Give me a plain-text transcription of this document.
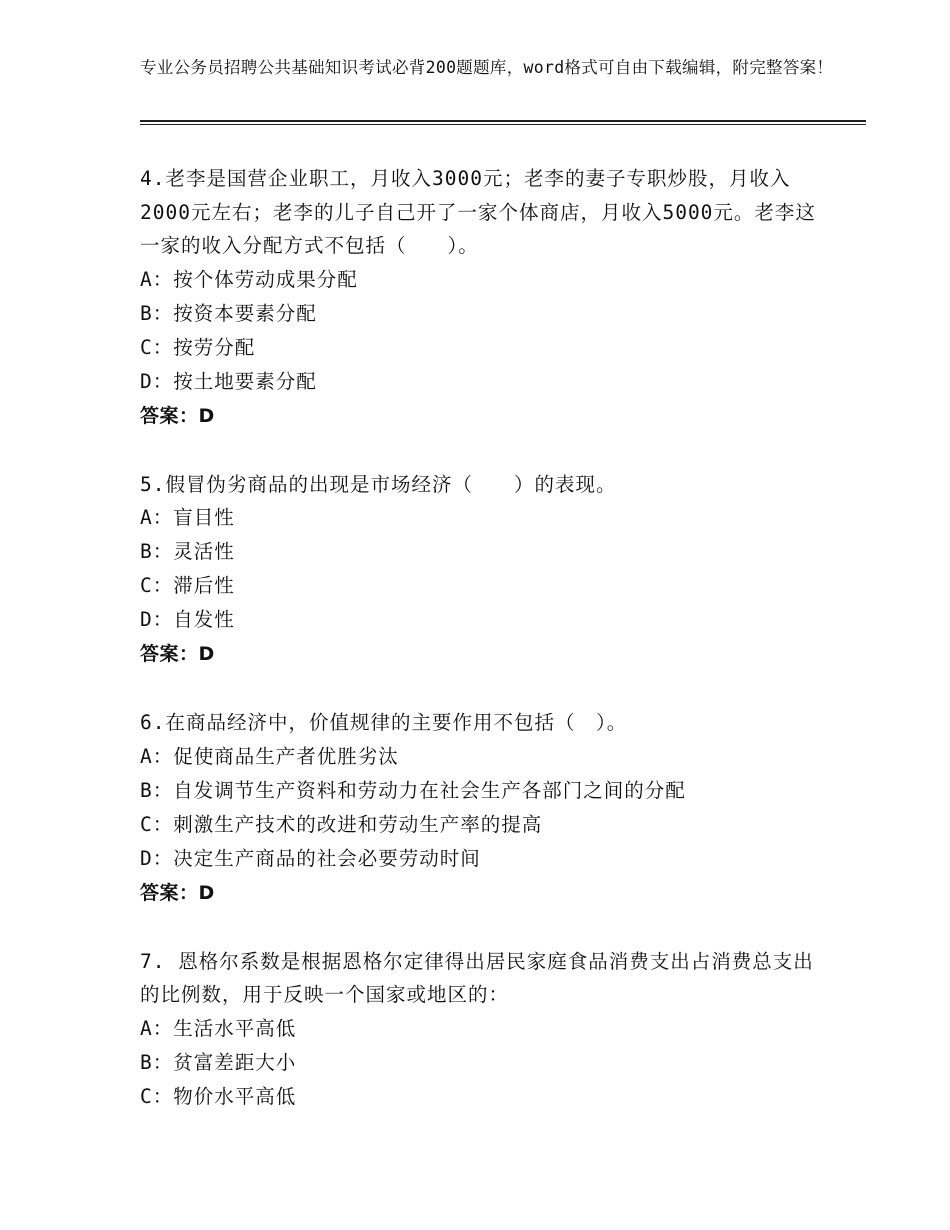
专业公务员招聘公共基础知识考试必背200题题库，word格式可自由下载编辑，附完整答案！

4.老李是国营企业职工，月收入3000元；老李的妻子专职炒股，月收入2000元左右；老李的儿子自己开了一家个体商店，月收入5000元。老李这一家的收入分配方式不包括（　　）。

A：按个体劳动成果分配

B：按资本要素分配

C：按劳分配

D：按土地要素分配

答案：D

5.假冒伪劣商品的出现是市场经济（　　）的表现。

A：盲目性

B：灵活性

C：滞后性

D：自发性

答案：D

6.在商品经济中，价值规律的主要作用不包括（　）。

A：促使商品生产者优胜劣汰

B：自发调节生产资料和劳动力在社会生产各部门之间的分配

C：刺激生产技术的改进和劳动生产率的提高

D：决定生产商品的社会必要劳动时间

答案：D

7. 恩格尔系数是根据恩格尔定律得出居民家庭食品消费支出占消费总支出的比例数，用于反映一个国家或地区的：

A：生活水平高低

B：贫富差距大小

C：物价水平高低
